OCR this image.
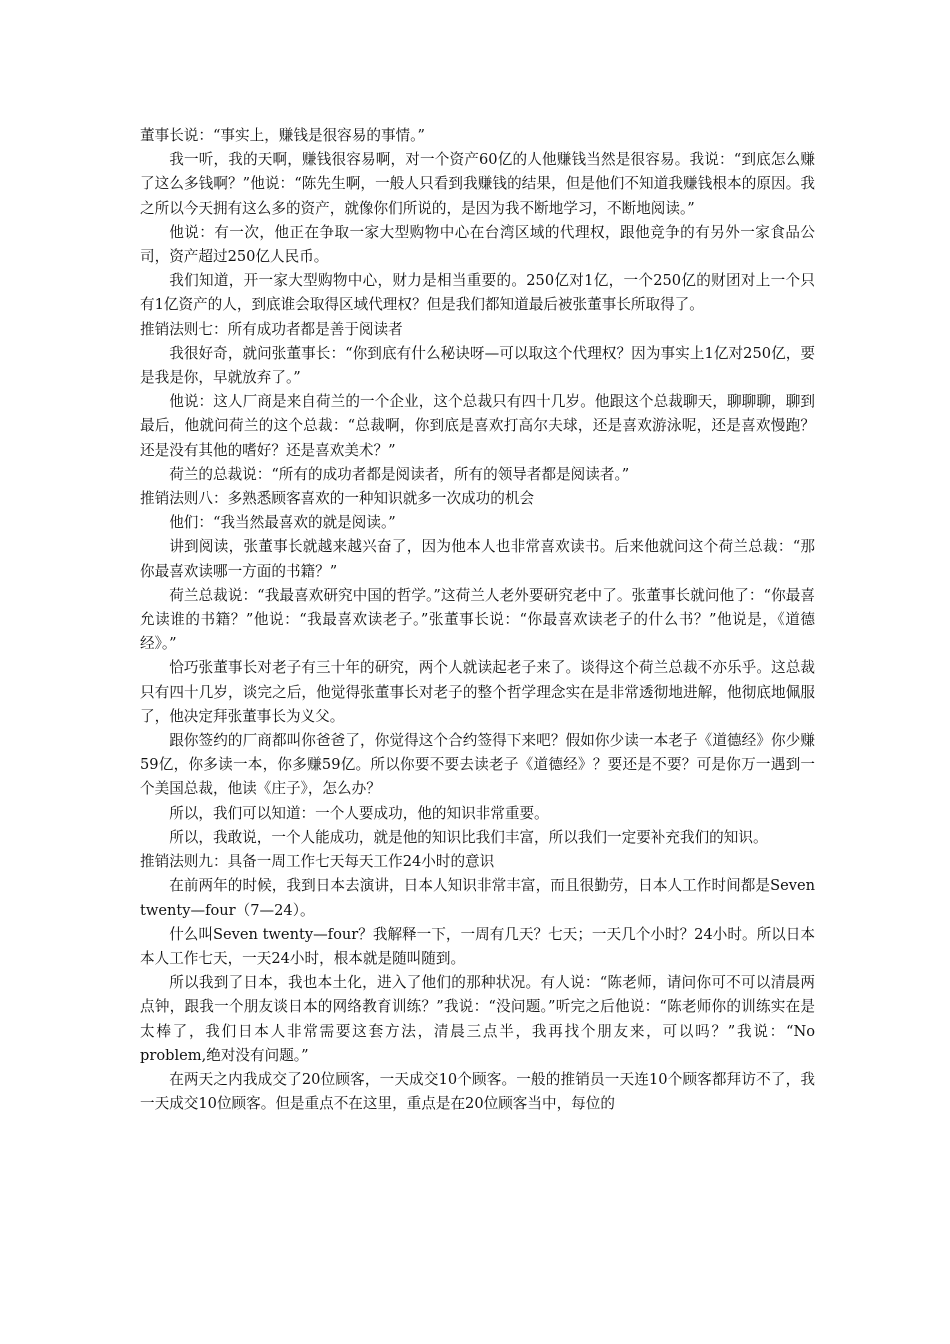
董事长说：“事实上，赚钱是很容易的事情。”

我一听，我的天啊，赚钱很容易啊，对一个资产60亿的人他赚钱当然是很容易。我说：“到底怎么赚了这么多钱啊？”他说：“陈先生啊，一般人只看到我赚钱的结果，但是他们不知道我赚钱根本的原因。我之所以今天拥有这么多的资产，就像你们所说的，是因为我不断地学习，不断地阅读。”

他说：有一次，他正在争取一家大型购物中心在台湾区域的代理权，跟他竞争的有另外一家食品公司，资产超过250亿人民币。

我们知道，开一家大型购物中心，财力是相当重要的。250亿对1亿，一个250亿的财团对上一个只有1亿资产的人，到底谁会取得区域代理权？但是我们都知道最后被张董事长所取得了。

推销法则七：所有成功者都是善于阅读者

我很好奇，就问张董事长：“你到底有什么秘诀呀—可以取这个代理权？因为事实上1亿对250亿，要是我是你，早就放弃了。”

他说：这人厂商是来自荷兰的一个企业，这个总裁只有四十几岁。他跟这个总裁聊天，聊聊聊，聊到最后，他就问荷兰的这个总裁：“总裁啊，你到底是喜欢打高尔夫球，还是喜欢游泳呢，还是喜欢慢跑？还是没有其他的嗜好？还是喜欢美术？”

荷兰的总裁说：“所有的成功者都是阅读者，所有的领导者都是阅读者。”

推销法则八：多熟悉顾客喜欢的一种知识就多一次成功的机会

他们：“我当然最喜欢的就是阅读。”

讲到阅读，张董事长就越来越兴奋了，因为他本人也非常喜欢读书。后来他就问这个荷兰总裁：“那你最喜欢读哪一方面的书籍？”

荷兰总裁说：“我最喜欢研究中国的哲学。”这荷兰人老外要研究老中了。张董事长就问他了：“你最喜允读谁的书籍？”他说：“我最喜欢读老子。”张董事长说：“你最喜欢读老子的什么书？”他说是，《道德经》。”

恰巧张董事长对老子有三十年的研究，两个人就读起老子来了。谈得这个荷兰总裁不亦乐乎。这总裁只有四十几岁，谈完之后，他觉得张董事长对老子的整个哲学理念实在是非常透彻地进解，他彻底地佩服了，他决定拜张董事长为义父。

跟你签约的厂商都叫你爸爸了，你觉得这个合约签得下来吧？假如你少读一本老子《道德经》你少赚59亿，你多读一本，你多赚59亿。所以你要不要去读老子《道德经》？要还是不要？可是你万一遇到一个美国总裁，他读《庄子》，怎么办？

所以，我们可以知道：一个人要成功，他的知识非常重要。

所以，我敢说，一个人能成功，就是他的知识比我们丰富，所以我们一定要补充我们的知识。

推销法则九：具备一周工作七天每天工作24小时的意识

在前两年的时候，我到日本去演讲，日本人知识非常丰富，而且很勤劳，日本人工作时间都是Seven twenty—four（7—24）。

什么叫Seven twenty—four？我解释一下，一周有几天？七天；一天几个小时？24小时。所以日本本人工作七天，一天24小时，根本就是随叫随到。

所以我到了日本，我也本土化，进入了他们的那种状况。有人说：“陈老师，请问你可不可以清晨两点钟，跟我一个朋友谈日本的网络教育训练？”我说：“没问题。”听完之后他说：“陈老师你的训练实在是太棒了，我们日本人非常需要这套方法，清晨三点半，我再找个朋友来，可以吗？”我说：“No problem,绝对没有问题。”

在两天之内我成交了20位顾客，一天成交10个顾客。一般的推销员一天连10个顾客都拜访不了，我一天成交10位顾客。但是重点不在这里，重点是在20位顾客当中，每位的
